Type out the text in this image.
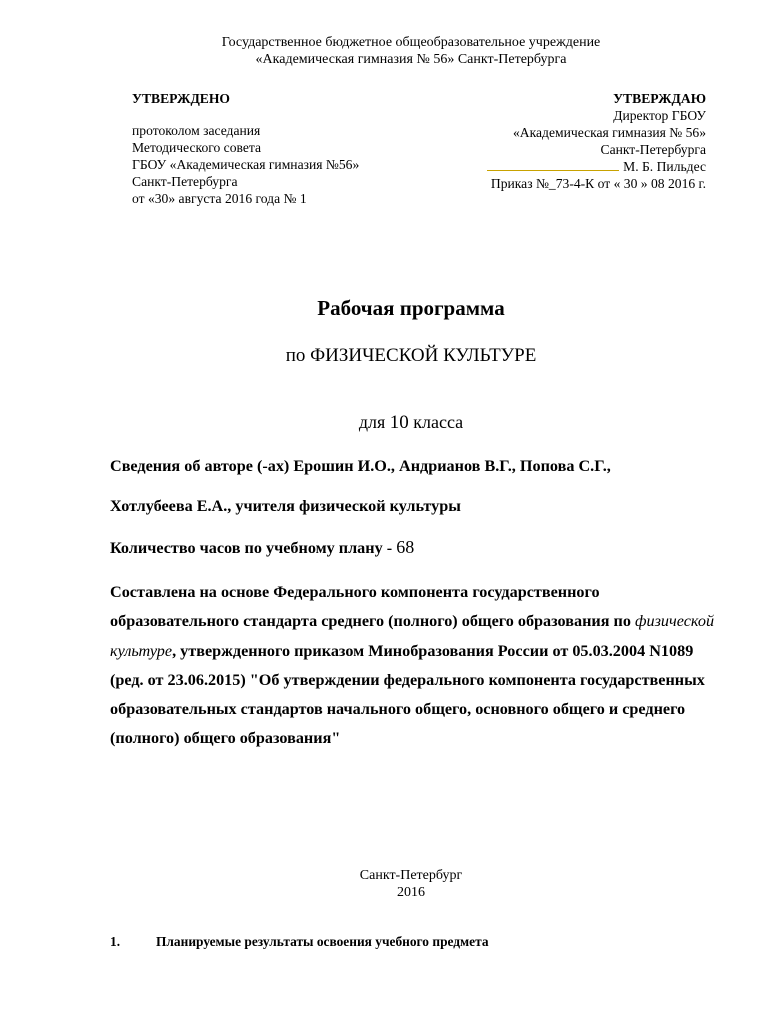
Государственное бюджетное общеобразовательное учреждение
«Академическая гимназия № 56» Санкт-Петербурга
УТВЕРЖДЕНО
протоколом заседания
Методического совета
ГБОУ «Академическая гимназия №56»
Санкт-Петербурга
от «30» августа 2016 года № 1
УТВЕРЖДАЮ
Директор ГБОУ
«Академическая гимназия № 56»
Санкт-Петербурга
М. Б. Пильдес
Приказ №_73-4-К от « 30 » 08 2016 г.
Рабочая программа
по ФИЗИЧЕСКОЙ КУЛЬТУРЕ
для 10 класса
Сведения об авторе (-ах) Ерошин И.О., Андрианов В.Г., Попова С.Г.,
Хотлубеева Е.А., учителя физической культуры
Количество часов по учебному плану - 68
Составлена на основе Федерального компонента государственного образовательного стандарта среднего (полного) общего образования по физической культуре, утвержденного приказом Минобразования России от 05.03.2004 N1089 (ред. от 23.06.2015) "Об утверждении федерального компонента государственных образовательных стандартов начального общего, основного общего и среднего (полного) общего образования"
Санкт-Петербург
2016
1.	Планируемые результаты освоения учебного предмета
